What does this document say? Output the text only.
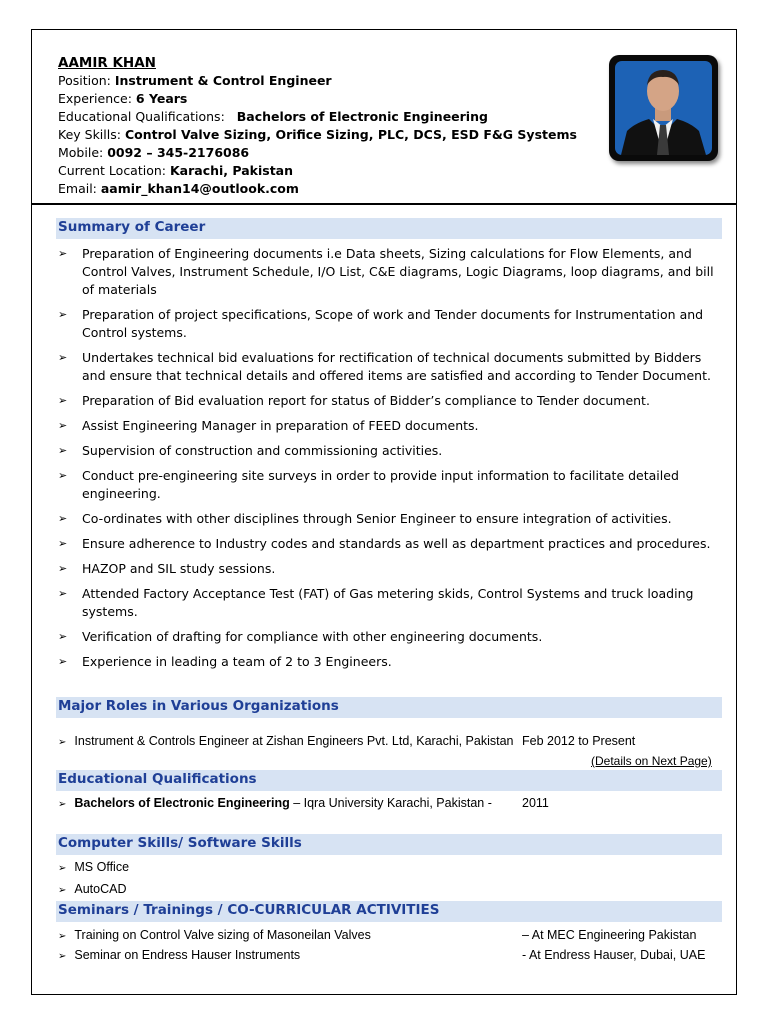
AAMIR KHAN
Position: Instrument & Control Engineer
Experience: 6 Years
Educational Qualifications: Bachelors of Electronic Engineering
Key Skills: Control Valve Sizing, Orifice Sizing, PLC, DCS, ESD F&G Systems
Mobile: 0092 – 345-2176086
Current Location: Karachi, Pakistan
Email: aamir_khan14@outlook.com
Summary of Career
➢ Preparation of Engineering documents i.e Data sheets, Sizing calculations for Flow Elements, and Control Valves, Instrument Schedule, I/O List, C&E diagrams, Logic Diagrams, loop diagrams, and bill of materials
➢ Preparation of project specifications, Scope of work and Tender documents for Instrumentation and Control systems.
➢ Undertakes technical bid evaluations for rectification of technical documents submitted by Bidders and ensure that technical details and offered items are satisfied and according to Tender Document.
➢ Preparation of Bid evaluation report for status of Bidder’s compliance to Tender document.
➢ Assist Engineering Manager in preparation of FEED documents.
➢ Supervision of construction and commissioning activities.
➢ Conduct pre-engineering site surveys in order to provide input information to facilitate detailed engineering.
➢ Co-ordinates with other disciplines through Senior Engineer to ensure integration of activities.
➢ Ensure adherence to Industry codes and standards as well as department practices and procedures.
➢ HAZOP and SIL study sessions.
➢ Attended Factory Acceptance Test (FAT) of Gas metering skids, Control Systems and truck loading systems.
➢ Verification of drafting for compliance with other engineering documents.
➢ Experience in leading a team of 2 to 3 Engineers.
Major Roles in Various Organizations
➢ Instrument & Controls Engineer at Zishan Engineers Pvt. Ltd, Karachi, Pakistan Feb 2012 to Present
(Details on Next Page)
Educational Qualifications
➢ Bachelors of Electronic Engineering – Iqra University Karachi, Pakistan - 2011
Computer Skills/ Software Skills
➢ MS Office
➢ AutoCAD
Seminars / Trainings / CO-CURRICULAR ACTIVITIES
➢ Training on Control Valve sizing of Masoneilan Valves	– At MEC Engineering Pakistan
➢ Seminar on Endress Hauser Instruments	- At Endress Hauser, Dubai, UAE
